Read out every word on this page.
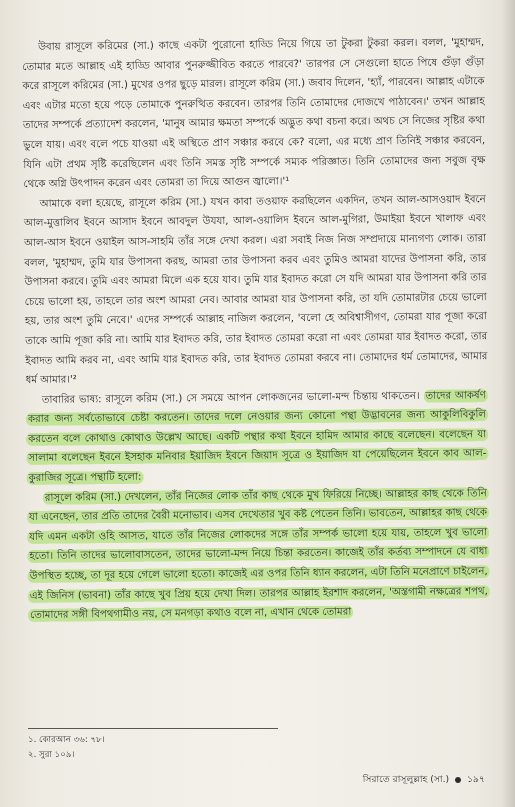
উবায় রাসূলে করিমের (সা.) কাছে একটা পুরোনো হাড্ডি নিয়ে গিয়ে তা টুকরা টুকরা করল। বলল, 'মুহাম্মদ, তোমার মতে আল্লাহ এই হাড্ডি আবার পুনরুজ্জীবিত করতে পারবে?' তারপর সে সেগুলো হাতে পিষে গুঁড়া গুঁড়া করে রাসূলে করিমের (সা.) মুখের ওপর ছুড়ে মারল। রাসূলে করিম (সা.) জবাব দিলেন, 'হ্যাঁ, পারবেন। আল্লাহ এটাকে এবং এটার মতো হয়ে পড়ে তোমাকে পুনরুত্থিত করবেন। তারপর তিনি তোমাদের দোজখে পাঠাবেন।' তখন আল্লাহ তাদের সম্পর্কে প্রত্যাদেশ করলেন, 'মানুষ আমার ক্ষমতা সম্পর্কে অদ্ভুত কথা বচনা করে। অথচ সে নিজের সৃষ্টির কথা ভুলে যায়। এবং বলে পচে যাওয়া এই অস্থিতে প্রাণ সঞ্চার করবে কে? বলো, এর মধ্যে প্রাণ তিনিই সঞ্চার করবেন, যিনি এটা প্রথম সৃষ্টি করেছিলেন এবং তিনি সমস্ত সৃষ্টি সম্পর্কে সম্যক পরিজ্ঞাত। তিনি তোমাদের জন্য সবুজ বৃক্ষ থেকে অগ্নি উৎপাদন করেন এবং তোমরা তা দিয়ে আগুন জ্বালো।'¹

আমাকে বলা হয়েছে, রাসূলে করিম (সা.) যখন কাবা তওয়াফ করছিলেন একদিন, তখন আল-আসওয়াদ ইবনে আল-মুত্তালিব ইবনে আসাদ ইবনে আবদুল উযযা, আল-ওয়ালিদ ইবনে আল-মুগিরা, উমাইয়া ইবনে খালাফ এবং আল-আস ইবনে ওয়াইল আস-সাহমি তাঁর সঙ্গে দেখা করল। এরা সবাই নিজ নিজ সম্প্রদায়ে মান্যগণ্য লোক। তারা বলল, 'মুহাম্মদ, তুমি যার উপাসনা করছ, আমরা তার উপাসনা করব এবং তুমিও আমরা যাদের উপাসনা করি, তার উপাসনা করবে। তুমি এবং আমরা মিলে এক হয়ে যাব। তুমি যার ইবাদত করো সে যদি আমরা যার উপাসনা করি তার চেয়ে ভালো হয়, তাহলে তার অংশ আমরা নেব। আবার আমরা যার উপাসনা করি, তা যদি তোমারটার চেয়ে ভালো হয়, তার অংশ তুমি নেবে।' এদের সম্পর্কে আল্লাহ নাজিল করলেন, 'বলো হে অবিশ্বাসীগণ, তোমরা যার পূজা করো তাকে আমি পূজা করি না। আমি যার ইবাদত করি, তার ইবাদত তোমরা করো না এবং তোমরা যার ইবাদত করো, তার ইবাদত আমি করব না, এবং আমি যার ইবাদত করি, তার ইবাদত তোমরা করবে না। তোমাদের ধর্ম তোমাদের, আমার ধর্ম আমার।'²

তাবারির ভাষ্য: রাসূলে করিম (সা.) সে সময়ে আপন লোকজনের ভালো-মন্দ চিন্তায় থাকতেন। তাদের আকর্ষণ করার জন্য সর্বতোভাবে চেষ্টা করতেন। তাদের দলে নেওয়ার জন্য কোনো পন্থা উদ্ভাবনের জন্য আকুলিবিকুলি করতেন বলে কোথাও কোথাও উল্লেখ আছে। একটি পন্থার কথা ইবনে হামিদ আমার কাছে বলেছেন। বলেছেন যা সালামা বলেছেন ইবনে ইসহাক মনিবার ইয়াজিদ ইবনে জিয়াদ সূত্রে ও ইয়াজিদ যা পেয়েছিলেন ইবনে কাব আল-কুরাজির সূত্রে। পন্থাটি হলো:

রাসূলে করিম (সা.) দেখলেন, তাঁর নিজের লোক তাঁর কাছ থেকে মুখ ফিরিয়ে নিচ্ছে। আল্লাহর কাছ থেকে তিনি যা এনেছেন, তার প্রতি তাদের বৈরী মনোভাব। এসব দেখেতার খুব কষ্ট পেতেন তিনি। ভাবতেন, আল্লাহর কাছ থেকে যদি এমন একটা ওহি আসত, যাতে তাঁর নিজের লোকদের সঙ্গে তাঁর সম্পর্ক ভালো হয়ে যায়, তাহলে খুব ভালো হতো। তিনি তাদের ভালোবাসতেন, তাদের ভালো-মন্দ নিয়ে চিন্তা করতেন। কাজেই তাঁর কর্তব্য সম্পাদনে যে বাধা উপস্থিত হচ্ছে, তা দূর হয়ে গেলে ভালো হতো। কাজেই এর ওপর তিনি ধ্যান করলেন, এটা তিনি মনেপ্রাণে চাইলেন, এই জিনিস (ভাবনা) তাঁর কাছে খুব প্রিয় হয়ে দেখা দিল। তারপর আল্লাহ ইরশাদ করলেন, 'অস্তগামী নক্ষত্রের শপথ, তোমাদের সঙ্গী বিপথগামীও নয়, সে মনগড়া কথাও বলে না, এখান থেকে তোমরা

১. কোরআন ৩৬: ৭৮।
২. সুরা ১০৯।
সিরাতে রাসূলুল্লাহ (সা.) ১৯৭
